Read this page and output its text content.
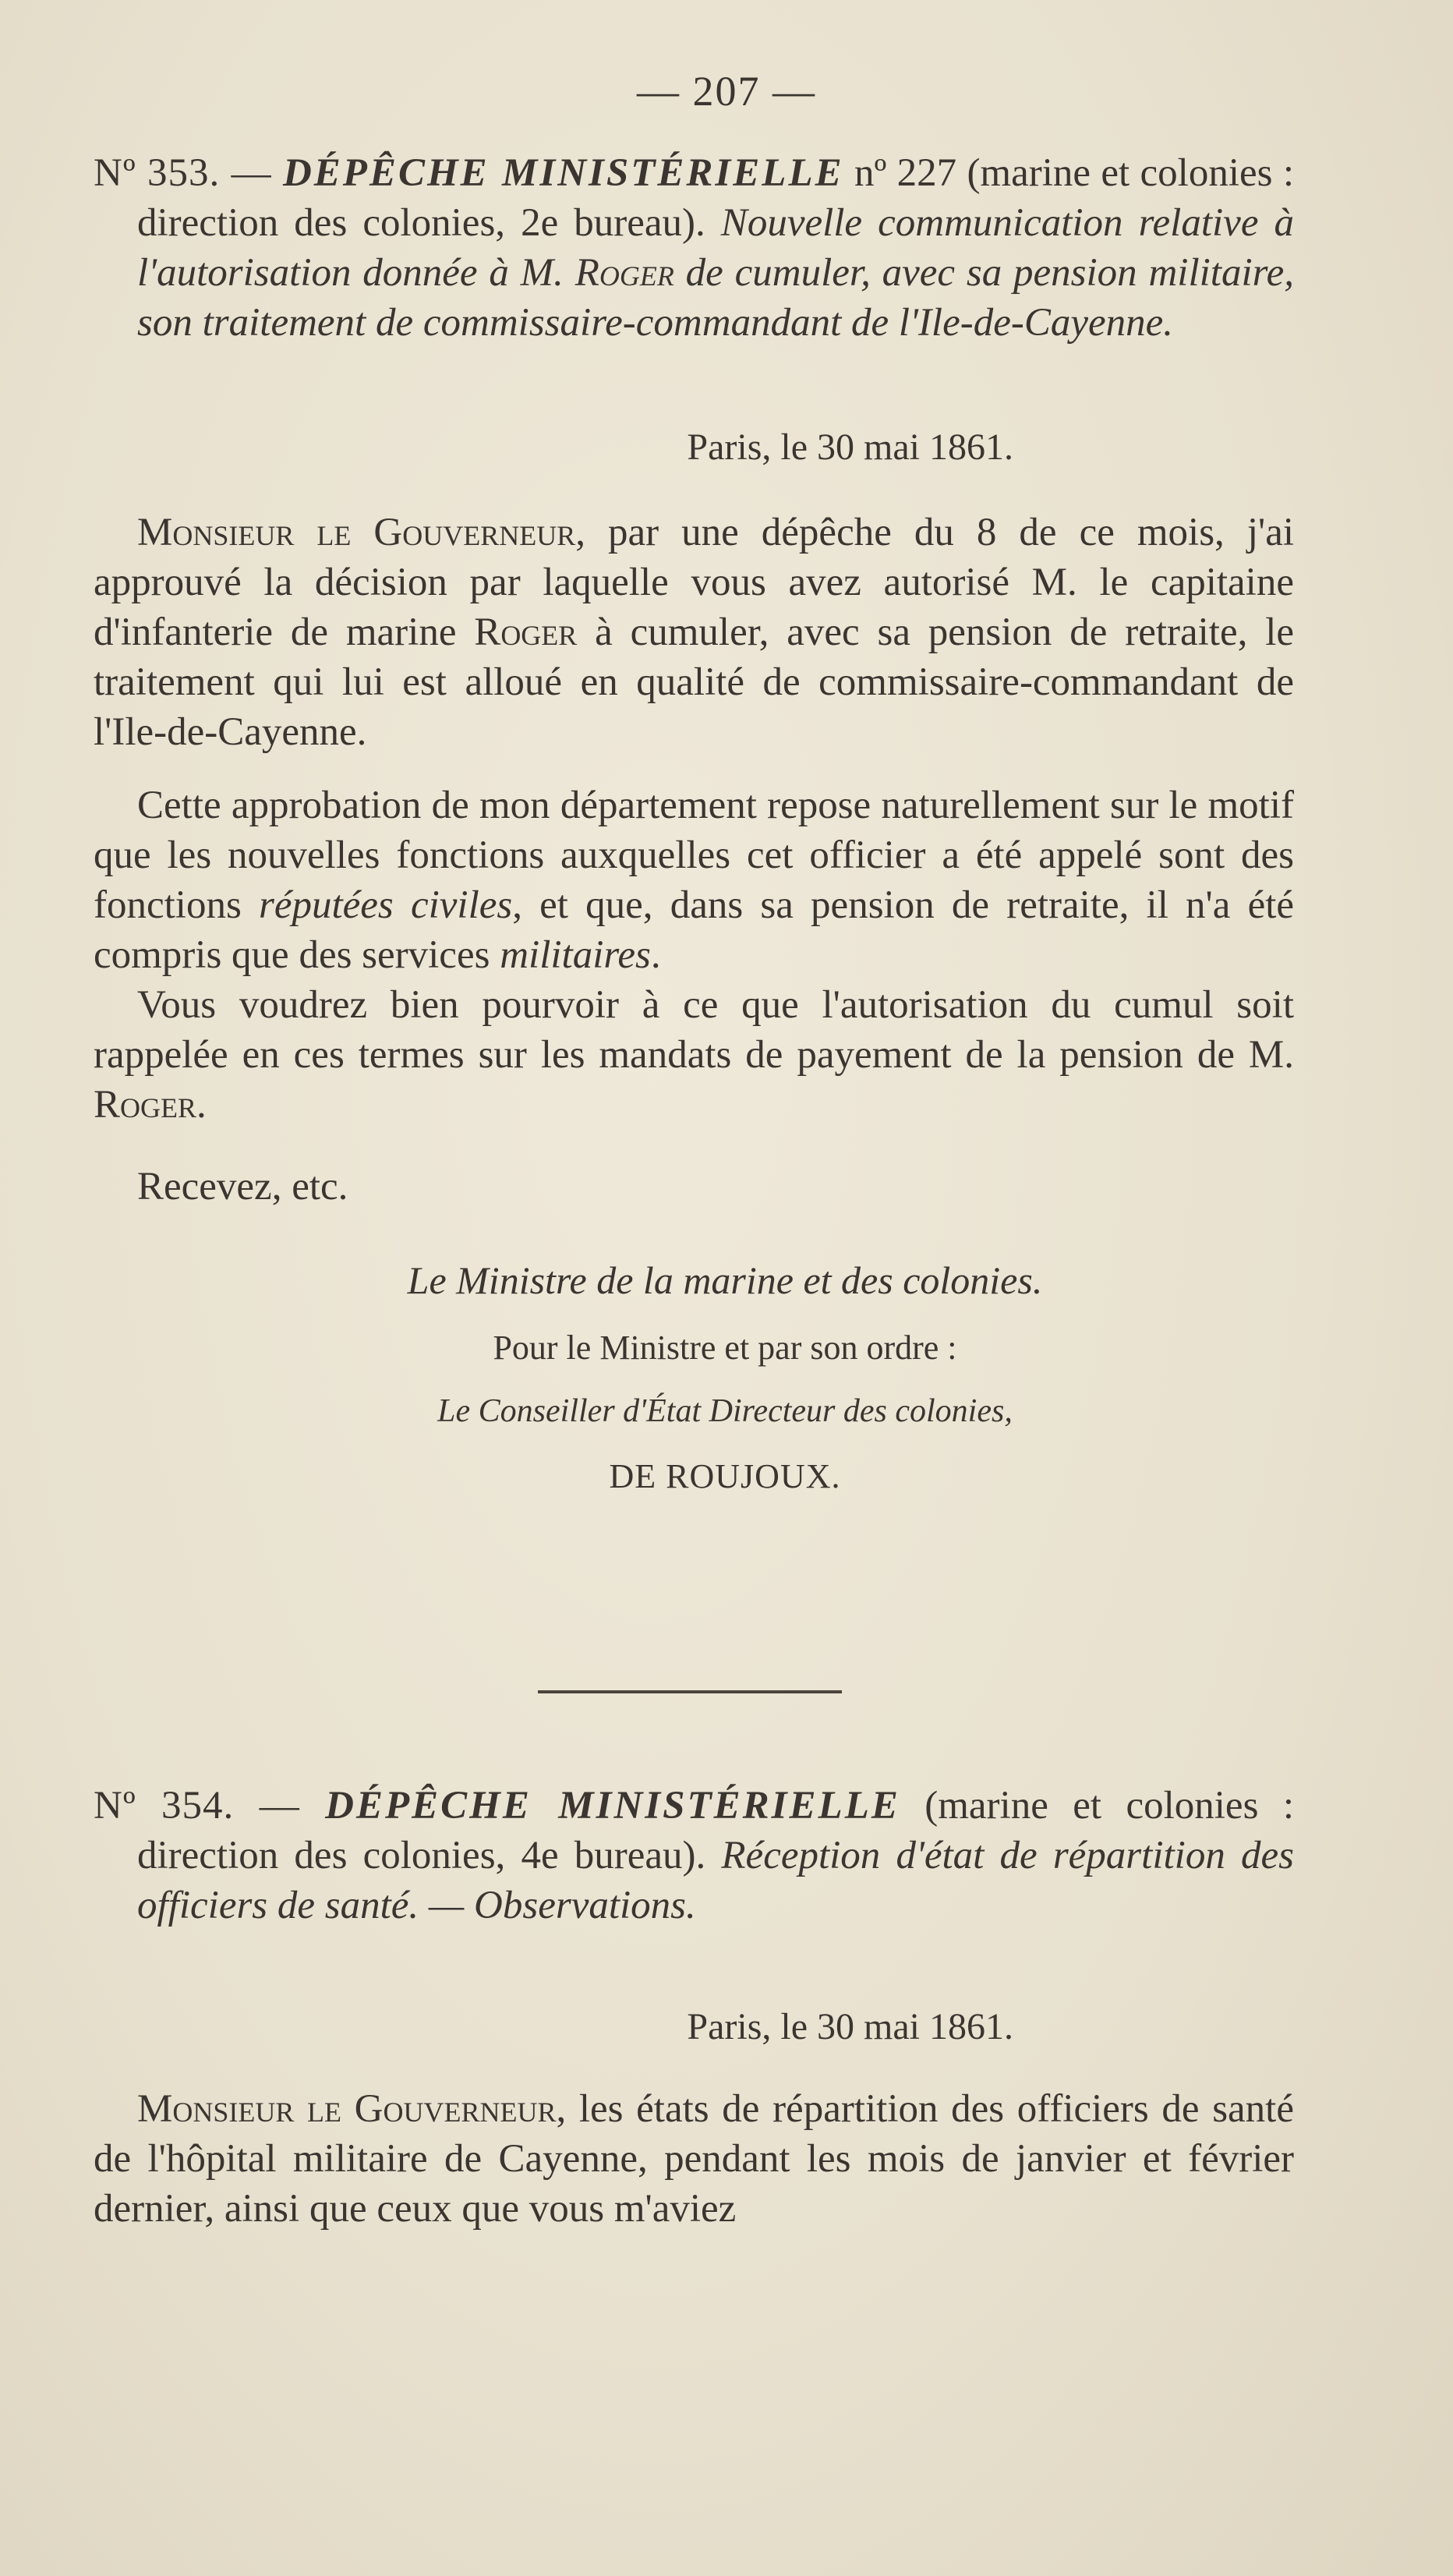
— 207 —

Nº 353. — DÉPÊCHE MINISTÉRIELLE nº 227 (marine et colonies : direction des colonies, 2e bureau). Nouvelle communication relative à l'autorisation donnée à M. Roger de cumuler, avec sa pension militaire, son traitement de commissaire-commandant de l'Ile-de-Cayenne.

Paris, le 30 mai 1861.

Monsieur le Gouverneur, par une dépêche du 8 de ce mois, j'ai approuvé la décision par laquelle vous avez autorisé M. le capitaine d'infanterie de marine Roger à cumuler, avec sa pension de retraite, le traitement qui lui est alloué en qualité de commissaire-commandant de l'Ile-de-Cayenne.

Cette approbation de mon département repose naturellement sur le motif que les nouvelles fonctions auxquelles cet officier a été appelé sont des fonctions réputées civiles, et que, dans sa pension de retraite, il n'a été compris que des services militaires.

Vous voudrez bien pourvoir à ce que l'autorisation du cumul soit rappelée en ces termes sur les mandats de payement de la pension de M. Roger.

Recevez, etc.

Le Ministre de la marine et des colonies.

Pour le Ministre et par son ordre :

Le Conseiller d'État Directeur des colonies,

DE ROUJOUX.

Nº 354. — DÉPÊCHE MINISTÉRIELLE (marine et colonies : direction des colonies, 4e bureau). Réception d'état de répartition des officiers de santé. — Observations.

Paris, le 30 mai 1861.

Monsieur le Gouverneur, les états de répartition des officiers de santé de l'hôpital militaire de Cayenne, pendant les mois de janvier et février dernier, ainsi que ceux que vous m'aviez
